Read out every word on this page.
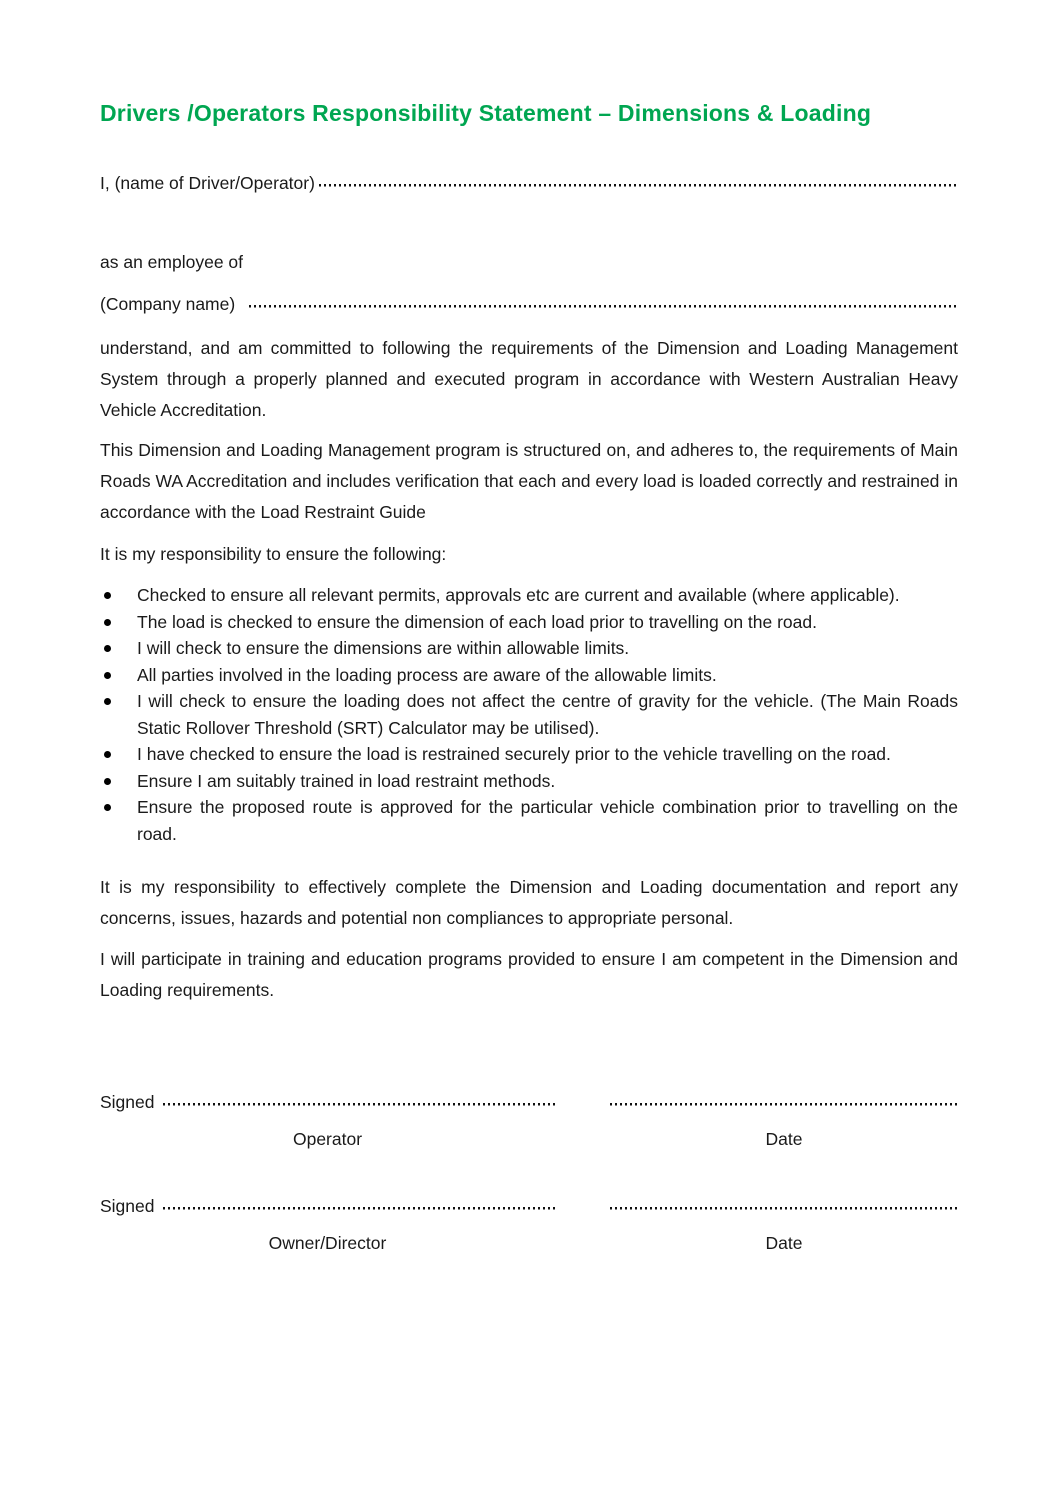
Drivers /Operators Responsibility Statement – Dimensions & Loading
I, (name of Driver/Operator)
as an employee of
(Company name)

understand, and am committed to following the requirements of the Dimension and Loading Management System through a properly planned and executed program in accordance with Western Australian Heavy Vehicle Accreditation.

This Dimension and Loading Management program is structured on, and adheres to, the requirements of Main Roads WA Accreditation and includes verification that each and every load is loaded correctly and restrained in accordance with the Load Restraint Guide

It is my responsibility to ensure the following:

Checked to ensure all relevant permits, approvals etc are current and available (where applicable).
The load is checked to ensure the dimension of each load prior to travelling on the road.
I will check to ensure the dimensions are within allowable limits.
All parties involved in the loading process are aware of the allowable limits.
I will check to ensure the loading does not affect the centre of gravity for the vehicle. (The Main Roads Static Rollover Threshold (SRT) Calculator may be utilised).
I have checked to ensure the load is restrained securely prior to the vehicle travelling on the road.
Ensure I am suitably trained in load restraint methods.
Ensure the proposed route is approved for the particular vehicle combination prior to travelling on the road.

It is my responsibility to effectively complete the Dimension and Loading documentation and report any concerns, issues, hazards and potential non compliances to appropriate personal.

I will participate in training and education programs provided to ensure I am competent in the Dimension and Loading requirements.

Signed
Operator	Date
Signed
Owner/Director	Date
